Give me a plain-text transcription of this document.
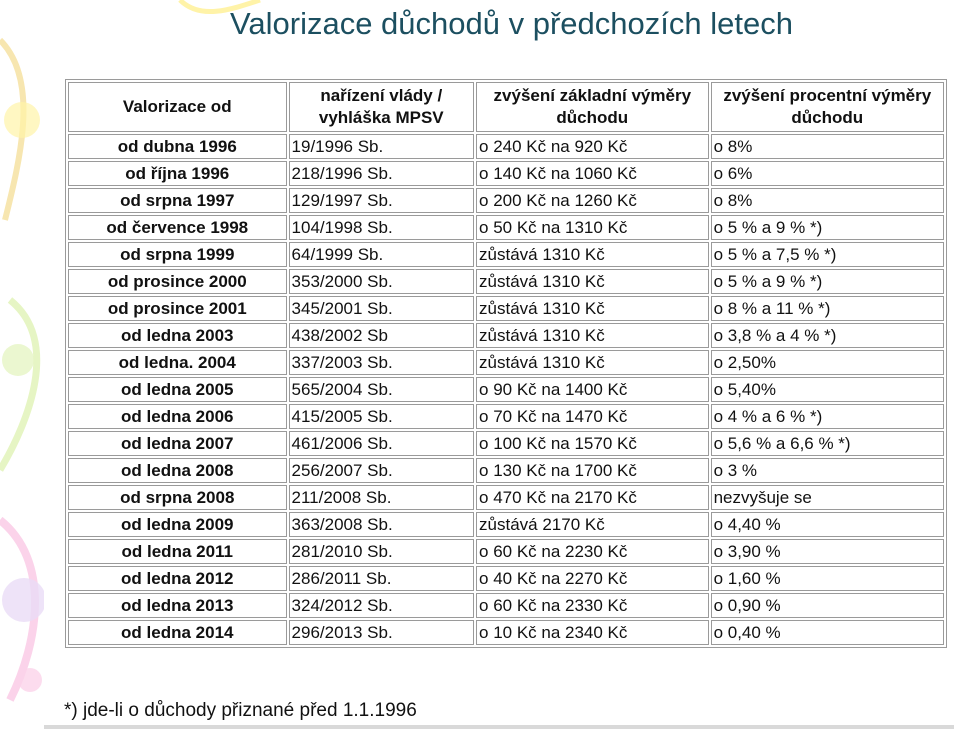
Valorizace důchodů v předchozích letech
Valorizace od	nařízení vlády / vyhláška MPSV	zvýšení základní výměry důchodu	zvýšení procentní výměry důchodu
od dubna 1996	19/1996 Sb.	o 240 Kč na 920 Kč	o 8%
od října 1996	218/1996 Sb.	o 140 Kč na 1060 Kč	o 6%
od srpna 1997	129/1997 Sb.	o 200 Kč na 1260 Kč	o 8%
od července 1998	104/1998 Sb.	o 50 Kč na 1310 Kč	o 5 % a 9 % *)
od srpna 1999	64/1999 Sb.	zůstává 1310 Kč	o 5 % a 7,5 % *)
od prosince 2000	353/2000 Sb.	zůstává 1310 Kč	o 5 % a 9 % *)
od prosince 2001	345/2001 Sb.	zůstává 1310 Kč	o 8 % a 11 % *)
od ledna 2003	438/2002 Sb	zůstává 1310 Kč	o 3,8 % a 4 % *)
od ledna. 2004	337/2003 Sb.	zůstává 1310 Kč	o 2,50%
od ledna 2005	565/2004 Sb.	o 90 Kč na 1400 Kč	o 5,40%
od ledna 2006	415/2005 Sb.	o 70 Kč na 1470 Kč	o 4 % a 6 % *)
od ledna 2007	461/2006 Sb.	o 100 Kč na 1570 Kč	o 5,6 % a 6,6 % *)
od ledna 2008	256/2007 Sb.	o 130 Kč na 1700 Kč	o 3 %
od srpna 2008	211/2008 Sb.	o 470 Kč na 2170 Kč	nezvyšuje se
od ledna 2009	363/2008 Sb.	zůstává 2170 Kč	o 4,40 %
od ledna 2011	281/2010 Sb.	o 60 Kč na 2230 Kč	o 3,90 %
od ledna 2012	286/2011 Sb.	o 40 Kč na 2270 Kč	o 1,60 %
od ledna 2013	324/2012 Sb.	o 60 Kč na 2330 Kč	o 0,90 %
od ledna 2014	296/2013 Sb.	o 10 Kč na 2340 Kč	o 0,40 %
*) jde-li o důchody přiznané před 1.1.1996
